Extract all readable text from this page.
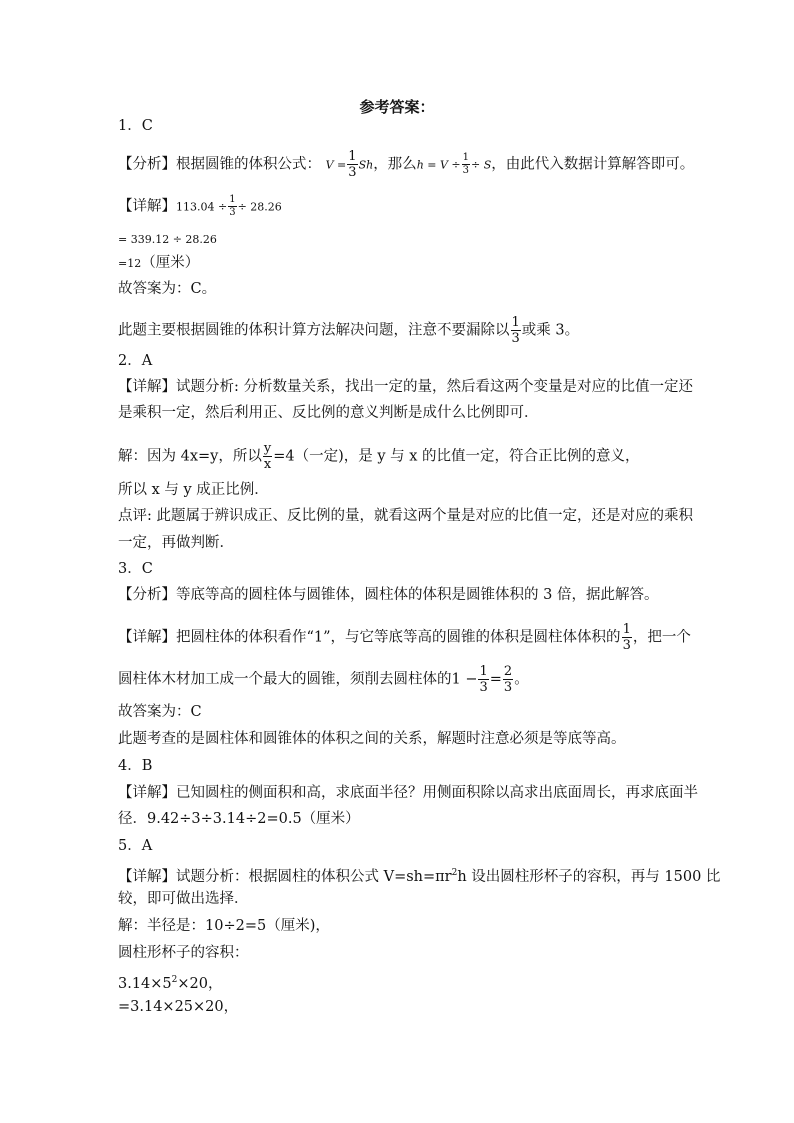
参考答案：
1．C
【分析】根据圆锥的体积公式： $V = \frac{1}{3}$ Sh，那么$h = V \div \frac{1}{3} \div S$，由此代入数据计算解答即可。
【详解】$113.04 \div \frac{1}{3} \div 28.26$
= 339.12 ÷ 28.26
=12（厘米）
故答案为：C。
此题主要根据圆锥的体积计算方法解决问题，注意不要漏除以 $\frac{1}{3}$ 或乘 3。
2．A
【详解】试题分析: 分析数量关系，找出一定的量，然后看这两个变量是对应的比值一定还
是乘积一定，然后利用正、反比例的意义判断是成什么比例即可．
解：因为 4x=y，所以 $\frac{y}{x} =4$（一定)，是 y 与 x 的比值一定，符合正比例的意义，
所以 x 与 y 成正比例．
点评: 此题属于辨识成正、反比例的量，就看这两个量是对应的比值一定，还是对应的乘积
一定，再做判断．
3．C
【分析】等底等高的圆柱体与圆锥体，圆柱体的体积是圆锥体积的 3 倍，据此解答。
【详解】把圆柱体的体积看作“1”，与它等底等高的圆锥的体积是圆柱体体积的 $\frac{1}{3}$ ，把一个
圆柱体木材加工成一个最大的圆锥，须削去圆柱体的$1 - \frac{1}{3} = \frac{2}{3}$ 。
故答案为：C
此题考查的是圆柱体和圆锥体的体积之间的关系，解题时注意必须是等底等高。
4．B
【详解】已知圆柱的侧面积和高，求底面半径？用侧面积除以高求出底面周长，再求底面半
径．9.42÷3÷3.14÷2=0.5（厘米）
5．A
【详解】试题分析：根据圆柱的体积公式 $V=sh=\pi r^2h$ 设出圆柱形杯子的容积，再与 1500 比
较，即可做出选择．
解：半径是：10÷2=5（厘米)，
圆柱形杯子的容积：
$3.14\times 5^2\times 20$，
=3.14×25×20，
